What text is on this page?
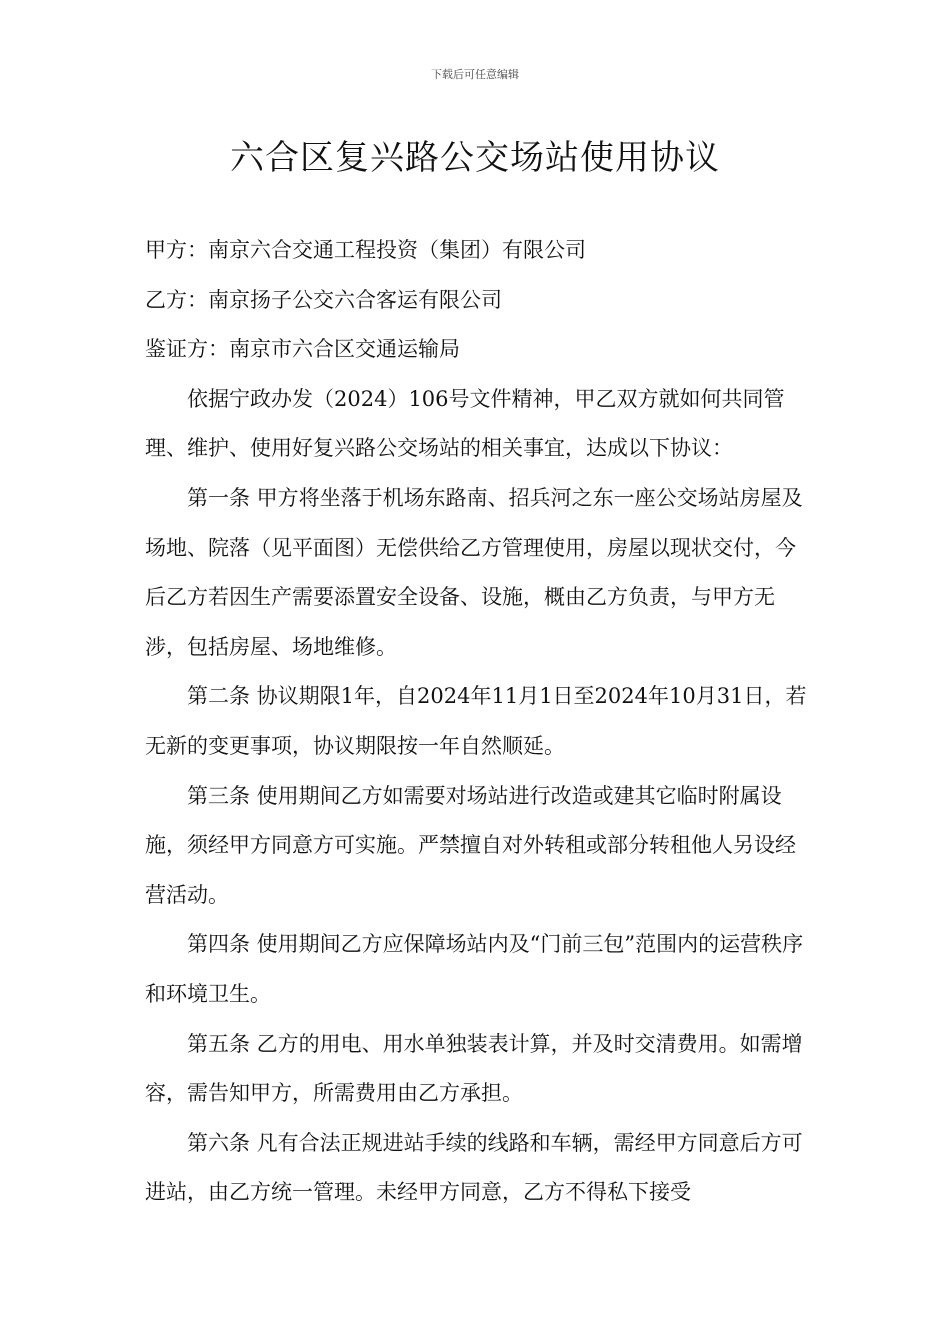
下载后可任意编辑
六合区复兴路公交场站使用协议

甲方：南京六合交通工程投资（集团）有限公司

乙方：南京扬子公交六合客运有限公司

鉴证方：南京市六合区交通运输局

依据宁政办发（2024）106号文件精神，甲乙双方就如何共同管理、维护、使用好复兴路公交场站的相关事宜，达成以下协议：

第一条 甲方将坐落于机场东路南、招兵河之东一座公交场站房屋及场地、院落（见平面图）无偿供给乙方管理使用，房屋以现状交付，今后乙方若因生产需要添置安全设备、设施，概由乙方负责，与甲方无涉，包括房屋、场地维修。

第二条 协议期限1年，自2024年11月1日至2024年10月31日，若无新的变更事项，协议期限按一年自然顺延。

第三条 使用期间乙方如需要对场站进行改造或建其它临时附属设施，须经甲方同意方可实施。严禁擅自对外转租或部分转租他人另设经营活动。

第四条 使用期间乙方应保障场站内及“门前三包”范围内的运营秩序和环境卫生。

第五条 乙方的用电、用水单独装表计算，并及时交清费用。如需增容，需告知甲方，所需费用由乙方承担。

第六条 凡有合法正规进站手续的线路和车辆，需经甲方同意后方可进站，由乙方统一管理。未经甲方同意，乙方不得私下接受
